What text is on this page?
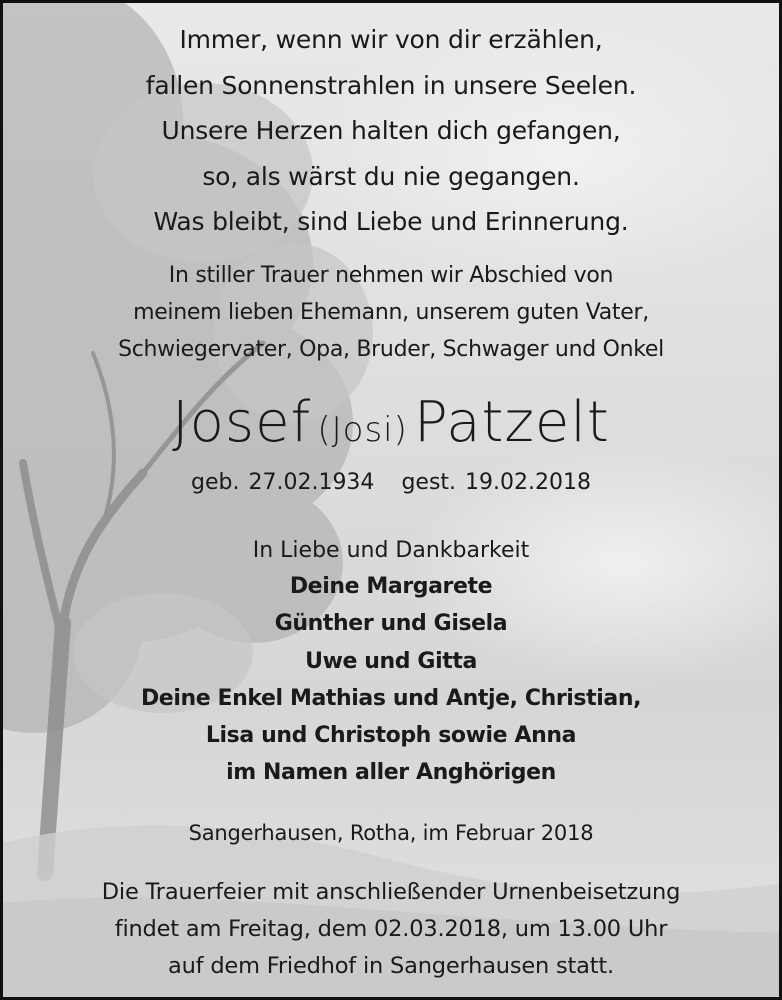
Immer, wenn wir von dir erzählen,
fallen Sonnenstrahlen in unsere Seelen.
Unsere Herzen halten dich gefangen,
so, als wärst du nie gegangen.
Was bleibt, sind Liebe und Erinnerung.
In stiller Trauer nehmen wir Abschied von
meinem lieben Ehemann, unserem guten Vater,
Schwiegervater, Opa, Bruder, Schwager und Onkel
Josef (Josi) Patzelt
geb. 27.02.1934 gest. 19.02.2018
In Liebe und Dankbarkeit
Deine Margarete
Günther und Gisela
Uwe und Gitta
Deine Enkel Mathias und Antje, Christian,
Lisa und Christoph sowie Anna
im Namen aller Anghörigen
Sangerhausen, Rotha, im Februar 2018
Die Trauerfeier mit anschließender Urnenbeisetzung
findet am Freitag, dem 02.03.2018, um 13.00 Uhr
auf dem Friedhof in Sangerhausen statt.
